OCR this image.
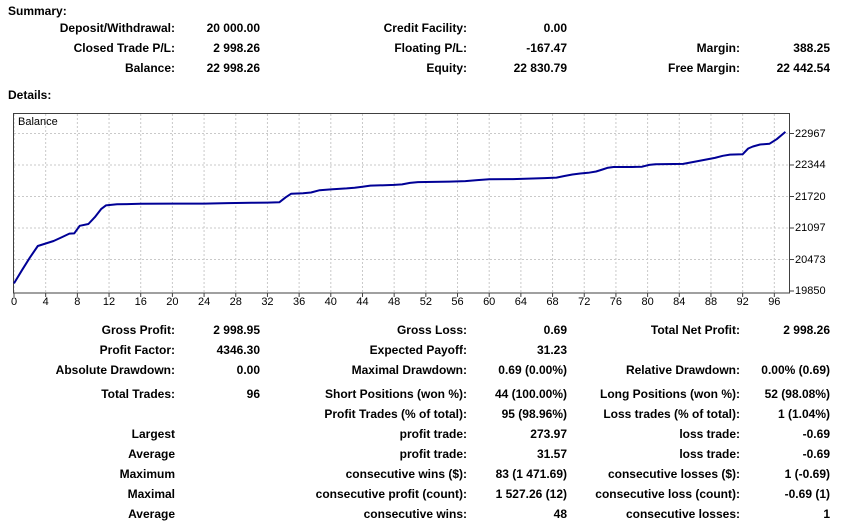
Summary:
Deposit/Withdrawal:	20 000.00	Credit Facility:	0.00
Closed Trade P/L:	2 998.26	Floating P/L:	-167.47	Margin:	388.25
Balance:	22 998.26	Equity:	22 830.79	Free Margin:	22 442.54
Details:
Balance
0 4 8 12 16 20 24 28 32 36 40 44 48 52 56 60 64 68 72 76 80 84 88 92 96
19850
20473
21097
21720
22344
22967
Gross Profit:	2 998.95	Gross Loss:	0.69	Total Net Profit:	2 998.26
Profit Factor:	4346.30	Expected Payoff:	31.23
Absolute Drawdown:	0.00	Maximal Drawdown:	0.69 (0.00%)	Relative Drawdown:	0.00% (0.69)
Total Trades:	96	Short Positions (won %):	44 (100.00%)	Long Positions (won %):	52 (98.08%)
Profit Trades (% of total):	95 (98.96%)	Loss trades (% of total):	1 (1.04%)
Largest	profit trade:	273.97	loss trade:	-0.69
Average	profit trade:	31.57	loss trade:	-0.69
Maximum	consecutive wins ($):	83 (1 471.69)	consecutive losses ($):	1 (-0.69)
Maximal	consecutive profit (count):	1 527.26 (12)	consecutive loss (count):	-0.69 (1)
Average	consecutive wins:	48	consecutive losses:	1
